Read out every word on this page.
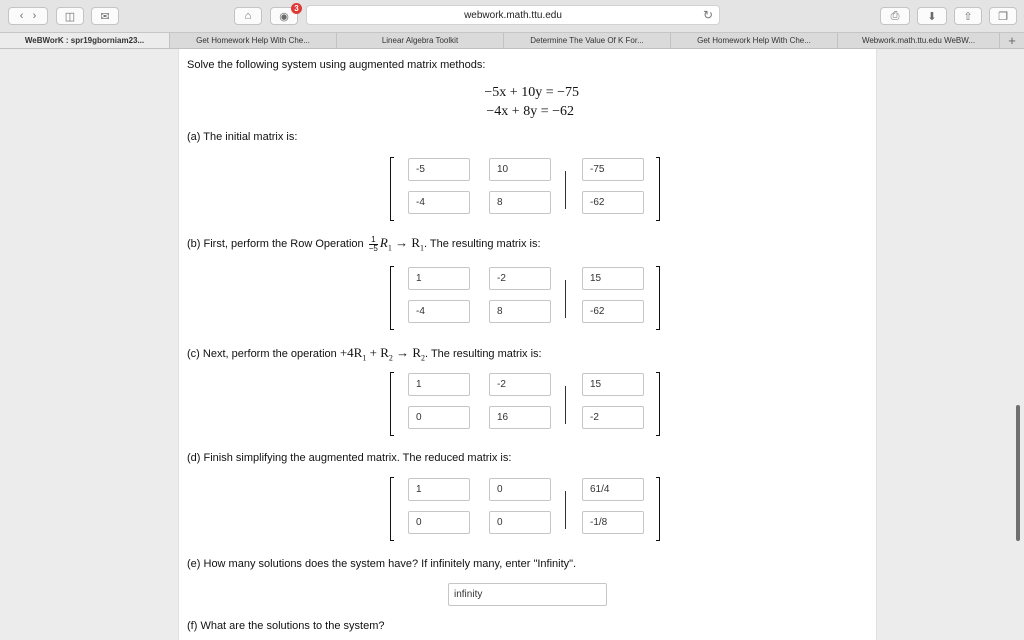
‹
›	◫ ✉	⌂	◉
3
webwork.math.ttu.edu	↻	⎙	⬇ ⇧ ❐
WeBWorK : spr19gborniam23...	Get Homework Help With Che...	Linear Algebra Toolkit	Determine The Value Of K For...	Get Homework Help With Che...	Webwork.math.ttu.edu WeBW...	+
Solve the following system using augmented matrix methods:
−5x + 10y = −75
−4x + 8y = −62
(a) The initial matrix is:
-5	10	-75
-4	8	-62
(b) First, perform the Row Operation $\frac{1}{-5} R_1 \to R_1$. The resulting matrix is:
1	-2	15
-4	8	-62
(c) Next, perform the operation $+4R_1 + R_2 \to R_2$. The resulting matrix is:
1	-2	15
0	16	-2
(d) Finish simplifying the augmented matrix. The reduced matrix is:
1	0	61/4
0	0	-1/8
(e) How many solutions does the system have? If infinitely many, enter "Infinity".
infinity
(f) What are the solutions to the system?
